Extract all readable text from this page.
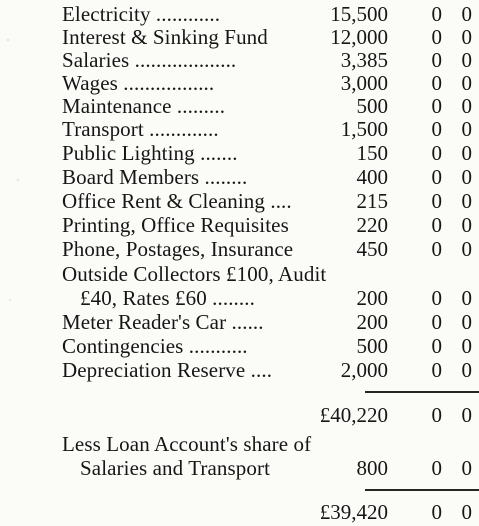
Electricity ............	15,500 0 0
Interest & Sinking Fund	12,000 0 0
Salaries ...................	3,385 0 0
Wages .................	3,000 0 0
Maintenance .........	500 0 0
Transport .............	1,500 0 0
Public Lighting .......	150 0 0
Board Members ........	400 0 0
Office Rent & Cleaning ....	215 0 0
Printing, Office Requisites	220 0 0
Phone, Postages, Insurance	450 0 0
Outside Collectors £100, Audit
£40, Rates £60 ........	200 0 0
Meter Reader's Car ......	200 0 0
Contingencies ...........	500 0 0
Depreciation Reserve ....	2,000 0 0
£40,220 0 0
Less Loan Account's share of
Salaries and Transport	800 0 0
£39,420 0 0
